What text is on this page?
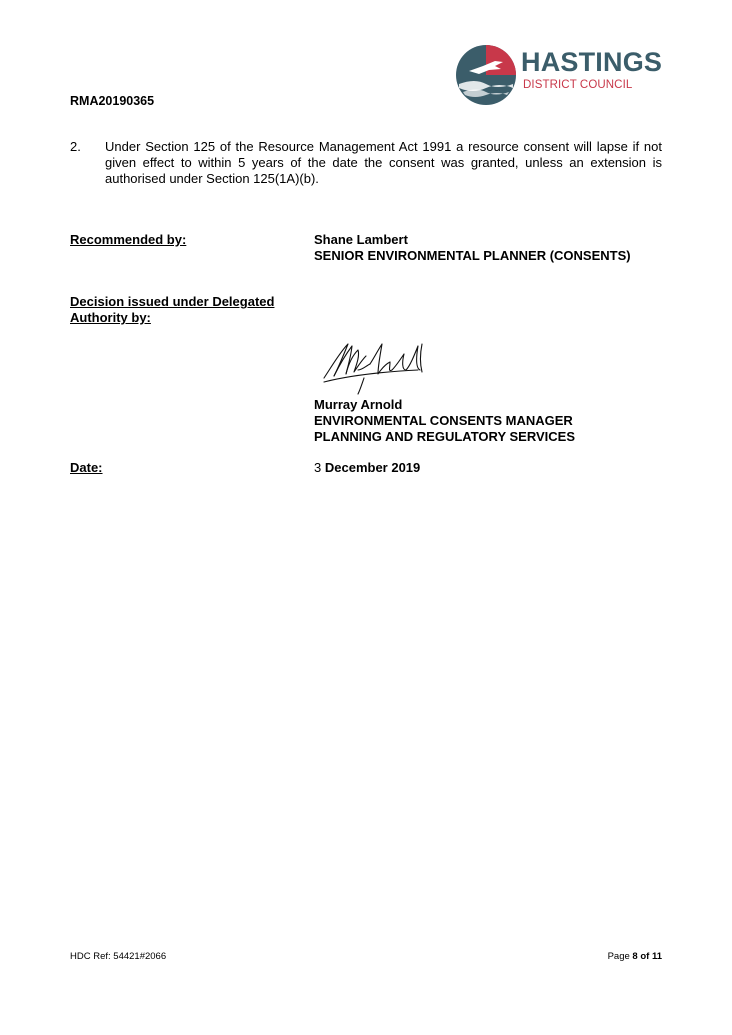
HASTINGS
DISTRICT COUNCIL
RMA20190365
2. Under Section 125 of the Resource Management Act 1991 a resource consent will lapse if not given effect to within 5 years of the date the consent was granted, unless an extension is authorised under Section 125(1A)(b).
Recommended by:	Shane Lambert
SENIOR ENVIRONMENTAL PLANNER (CONSENTS)
Decision issued under Delegated
Authority by:
Murray Arnold
ENVIRONMENTAL CONSENTS MANAGER
PLANNING AND REGULATORY SERVICES
Date:	3 December 2019
HDC Ref: 54421#2066	Page 8 of 11
